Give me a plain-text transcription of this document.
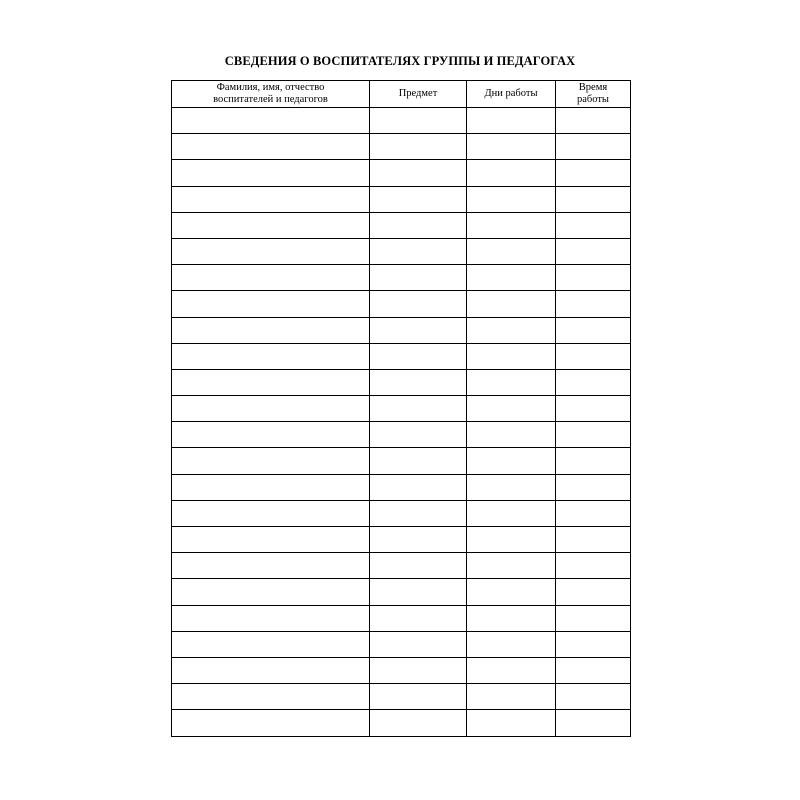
СВЕДЕНИЯ О ВОСПИТАТЕЛЯХ ГРУППЫ И ПЕДАГОГАХ
Фамилия, имя, отчество
воспитателей и педагогов	Предмет	Дни работы	Время
работы
